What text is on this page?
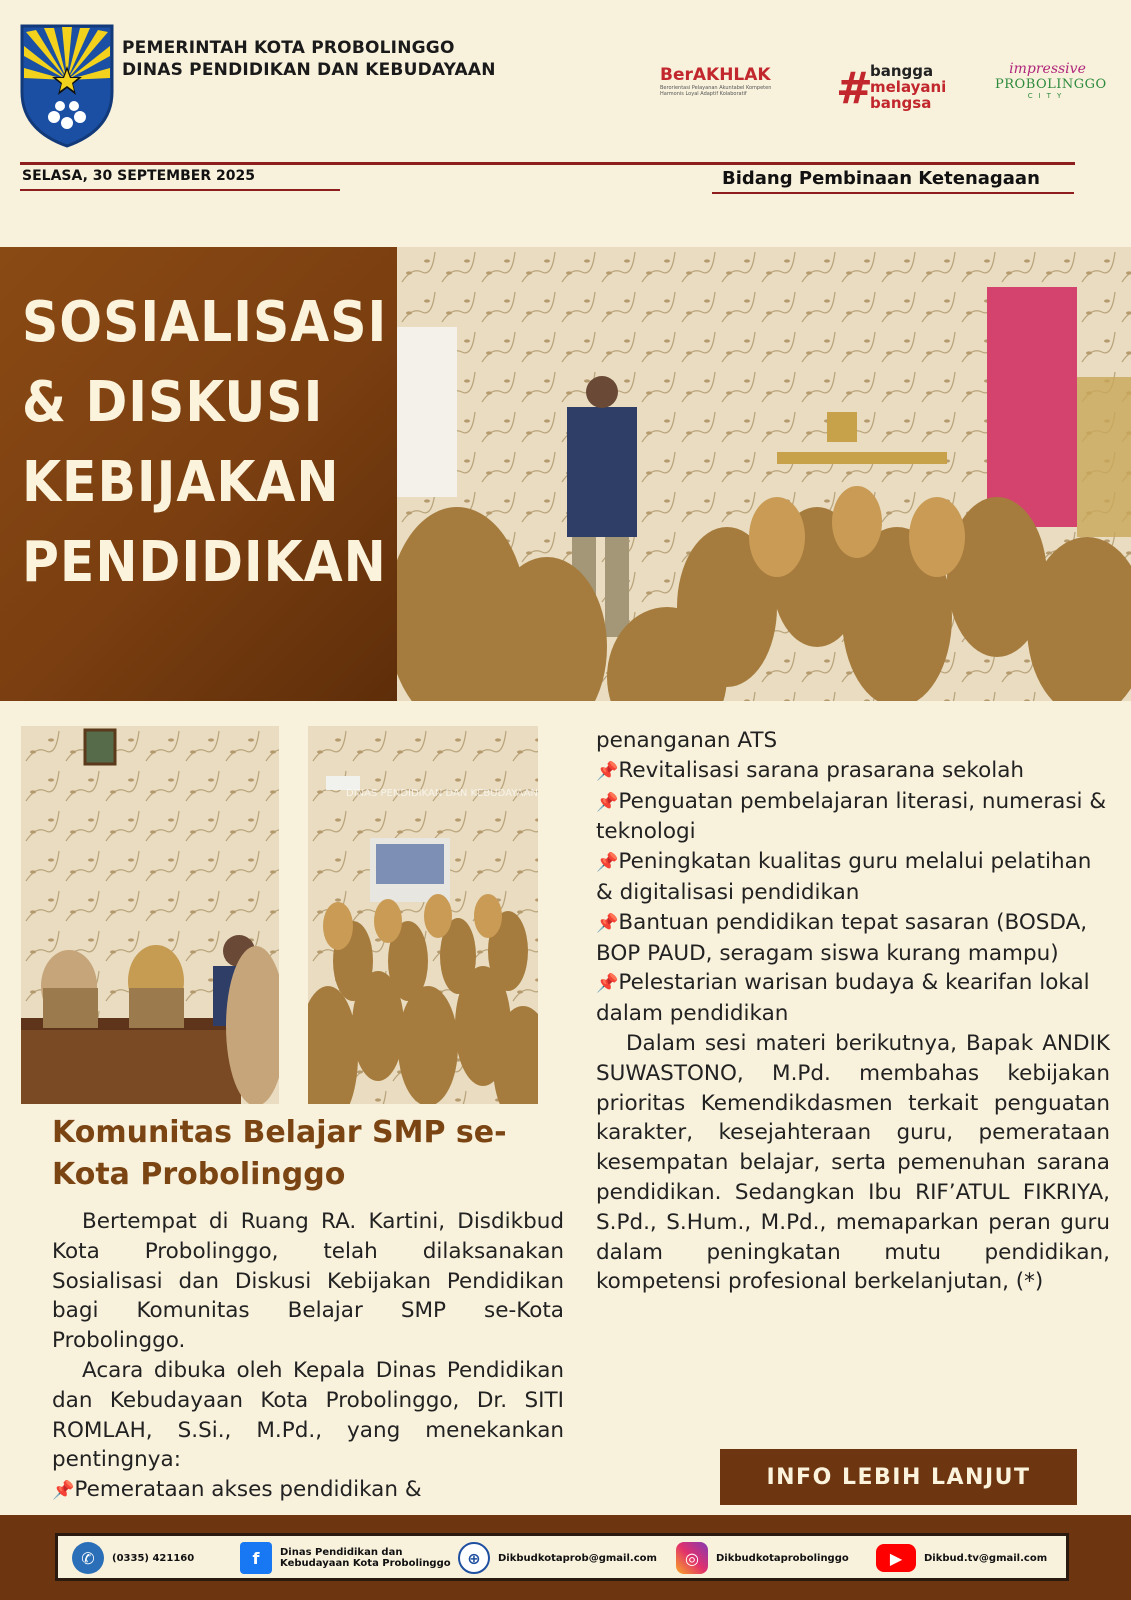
PEMERINTAH KOTA PROBOLINGGO
DINAS PENDIDIKAN DAN KEBUDAYAAN	BerAKHLAK
Berorientasi Pelayanan Akuntabel Kompeten
Harmonis Loyal Adaptif Kolaboratif	#
bangga
melayani
bangsa
impressive
PROBOLINGGO
CITY
SELASA, 30 SEPTEMBER 2025	Bidang Pembinaan Ketenagaan
SOSIALISASI
& DISKUSI
KEBIJAKAN
PENDIDIKAN
DINAS PENDIDIKAN DAN KEBUDAYAAN
Komunitas Belajar SMP se-Kota Probolinggo
Bertempat di Ruang RA. Kartini, Disdikbud Kota Probolinggo, telah dilaksanakan Sosialisasi dan Diskusi Kebijakan Pendidikan bagi Komunitas Belajar SMP se-Kota Probolinggo.
Acara dibuka oleh Kepala Dinas Pendidikan dan Kebudayaan Kota Probolinggo, Dr. SITI ROMLAH, S.Si., M.Pd., yang menekankan pentingnya:
📌Pemerataan akses pendidikan &
penanganan ATS
📌Revitalisasi sarana prasarana sekolah
📌Penguatan pembelajaran literasi, numerasi & teknologi
📌Peningkatan kualitas guru melalui pelatihan & digitalisasi pendidikan
📌Bantuan pendidikan tepat sasaran (BOSDA, BOP PAUD, seragam siswa kurang mampu)
📌Pelestarian warisan budaya & kearifan lokal dalam pendidikan
Dalam sesi materi berikutnya, Bapak ANDIK SUWASTONO, M.Pd. membahas kebijakan prioritas Kemendikdasmen terkait penguatan karakter, kesejahteraan guru, pemerataan kesempatan belajar, serta pemenuhan sarana pendidikan. Sedangkan Ibu RIF’ATUL FIKRIYA, S.Pd., S.Hum., M.Pd., memaparkan peran guru dalam peningkatan mutu pendidikan, kompetensi profesional berkelanjutan, (*)
INFO LEBIH LANJUT
✆	(0335) 421160	f	Dinas Pendidikan dan
Kebudayaan Kota Probolinggo	⊕	Dikbudkotaprob@gmail.com	◎	Dikbudkotaprobolinggo	▶	Dikbud.tv@gmail.com
